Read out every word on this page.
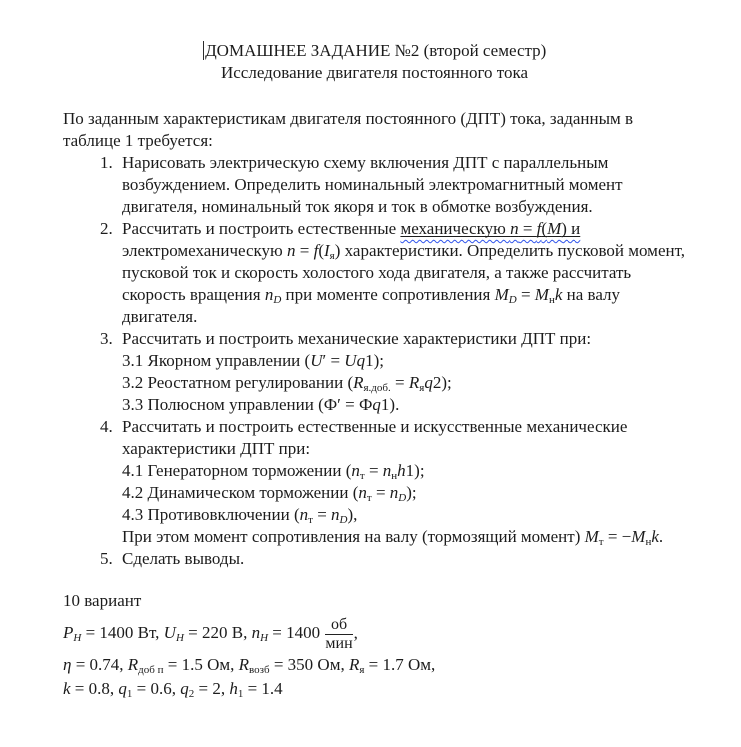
ДОМАШНЕЕ ЗАДАНИЕ №2 (второй семестр)
Исследование двигателя постоянного тока

По заданным характеристикам двигателя постоянного (ДПТ) тока, заданным в таблице 1 требуется:

1. Нарисовать электрическую схему включения ДПТ с параллельным возбуждением. Определить номинальный электромагнитный момент двигателя, номинальный ток якоря и ток в обмотке возбуждения.
2. Рассчитать и построить естественные механическую n = f(M) и электромеханическую $n = f(I_я)$ характеристики. Определить пусковой момент, пусковой ток и скорость холостого хода двигателя, а также рассчитать скорость вращения $n_D$ при моменте сопротивления $M_D = M_нk$ на валу двигателя.
3. Рассчитать и построить механические характеристики ДПТ при:
3.1 Якорном управлении (U′ = Uq1);
3.2 Реостатном регулировании $(R_{я.доб.} = R_яq2)$;
3.3 Полюсном управлении (Ф′ = Фq1).
4. Рассчитать и построить естественные и искусственные механические характеристики ДПТ при:
4.1 Генераторном торможении $(n_т = n_нh1)$;
4.2 Динамическом торможении $(n_т = n_D)$;
4.3 Противовключении $(n_т = n_D)$,
При этом момент сопротивления на валу (тормозящий момент) $M_т = -M_нk$.
5. Сделать выводы.

10 вариант

$P_H = 1400$ Вт, $U_H = 220$ В, $n_H = 1400 \frac{об}{\text{мин}}$ ,
η = 0.74, $R_{доб п} = 1.5$ Ом, $R_{возб} = 350$ Ом, $R_я = 1.7$ Ом,
k = 0.8, $q_1 = 0.6$, $q_2 = 2$, $h_1 = 1.4$
